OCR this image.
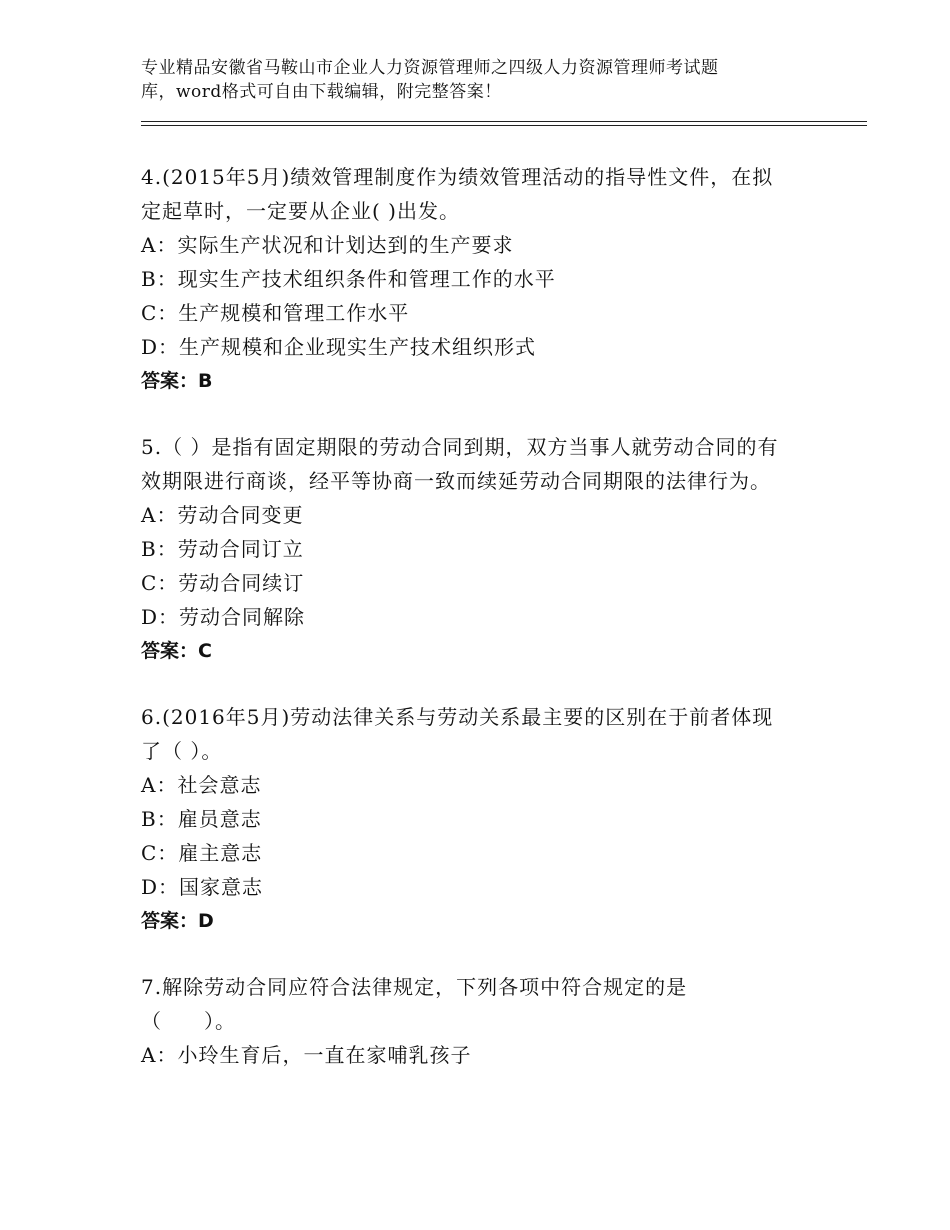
专业精品安徽省马鞍山市企业人力资源管理师之四级人力资源管理师考试题
库，word格式可自由下载编辑，附完整答案！
4.(2015年5月)绩效管理制度作为绩效管理活动的指导性文件，在拟
定起草时，一定要从企业( )出发。
A：实际生产状况和计划达到的生产要求
B：现实生产技术组织条件和管理工作的水平
C：生产规模和管理工作水平
D：生产规模和企业现实生产技术组织形式
答案：B
5.（ ）是指有固定期限的劳动合同到期，双方当事人就劳动合同的有
效期限进行商谈，经平等协商一致而续延劳动合同期限的法律行为。
A：劳动合同变更
B：劳动合同订立
C：劳动合同续订
D：劳动合同解除
答案：C
6.(2016年5月)劳动法律关系与劳动关系最主要的区别在于前者体现
了（ ）。
A：社会意志
B：雇员意志
C：雇主意志
D：国家意志
答案：D
7.解除劳动合同应符合法律规定，下列各项中符合规定的是
（　　）。
A：小玲生育后，一直在家哺乳孩子
